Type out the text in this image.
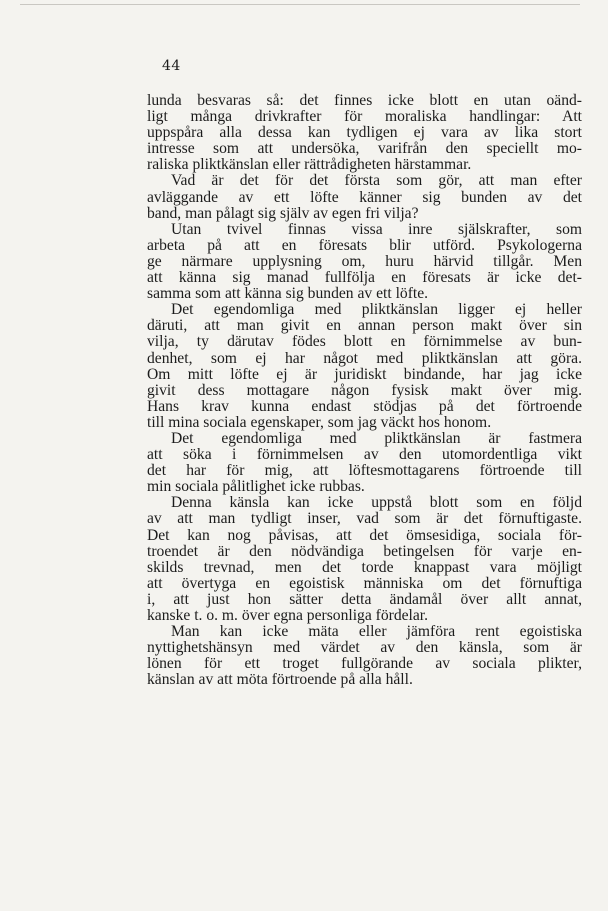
44
lunda besvaras så: det finnes icke blott en utan oänd-
ligt många drivkrafter för moraliska handlingar: Att
uppspåra alla dessa kan tydligen ej vara av lika stort
intresse som att undersöka, varifrån den speciellt mo-
raliska pliktkänslan eller rättrådigheten härstammar.
Vad är det för det första som gör, att man efter
avläggande av ett löfte känner sig bunden av det
band, man pålagt sig själv av egen fri vilja?
Utan tvivel finnas vissa inre själskrafter, som
arbeta på att en föresats blir utförd. Psykologerna
ge närmare upplysning om, huru härvid tillgår. Men
att känna sig manad fullfölja en föresats är icke det-
samma som att känna sig bunden av ett löfte.
Det egendomliga med pliktkänslan ligger ej heller
däruti, att man givit en annan person makt över sin
vilja, ty därutav födes blott en förnimmelse av bun-
denhet, som ej har något med pliktkänslan att göra.
Om mitt löfte ej är juridiskt bindande, har jag icke
givit dess mottagare någon fysisk makt över mig.
Hans krav kunna endast stödjas på det förtroende
till mina sociala egenskaper, som jag väckt hos honom.
Det egendomliga med pliktkänslan är fastmera
att söka i förnimmelsen av den utomordentliga vikt
det har för mig, att löftesmottagarens förtroende till
min sociala pålitlighet icke rubbas.
Denna känsla kan icke uppstå blott som en följd
av att man tydligt inser, vad som är det förnuftigaste.
Det kan nog påvisas, att det ömsesidiga, sociala för-
troendet är den nödvändiga betingelsen för varje en-
skilds trevnad, men det torde knappast vara möjligt
att övertyga en egoistisk människa om det förnuftiga
i, att just hon sätter detta ändamål över allt annat,
kanske t. o. m. över egna personliga fördelar.
Man kan icke mäta eller jämföra rent egoistiska
nyttighetshänsyn med värdet av den känsla, som är
lönen för ett troget fullgörande av sociala plikter,
känslan av att möta förtroende på alla håll.
